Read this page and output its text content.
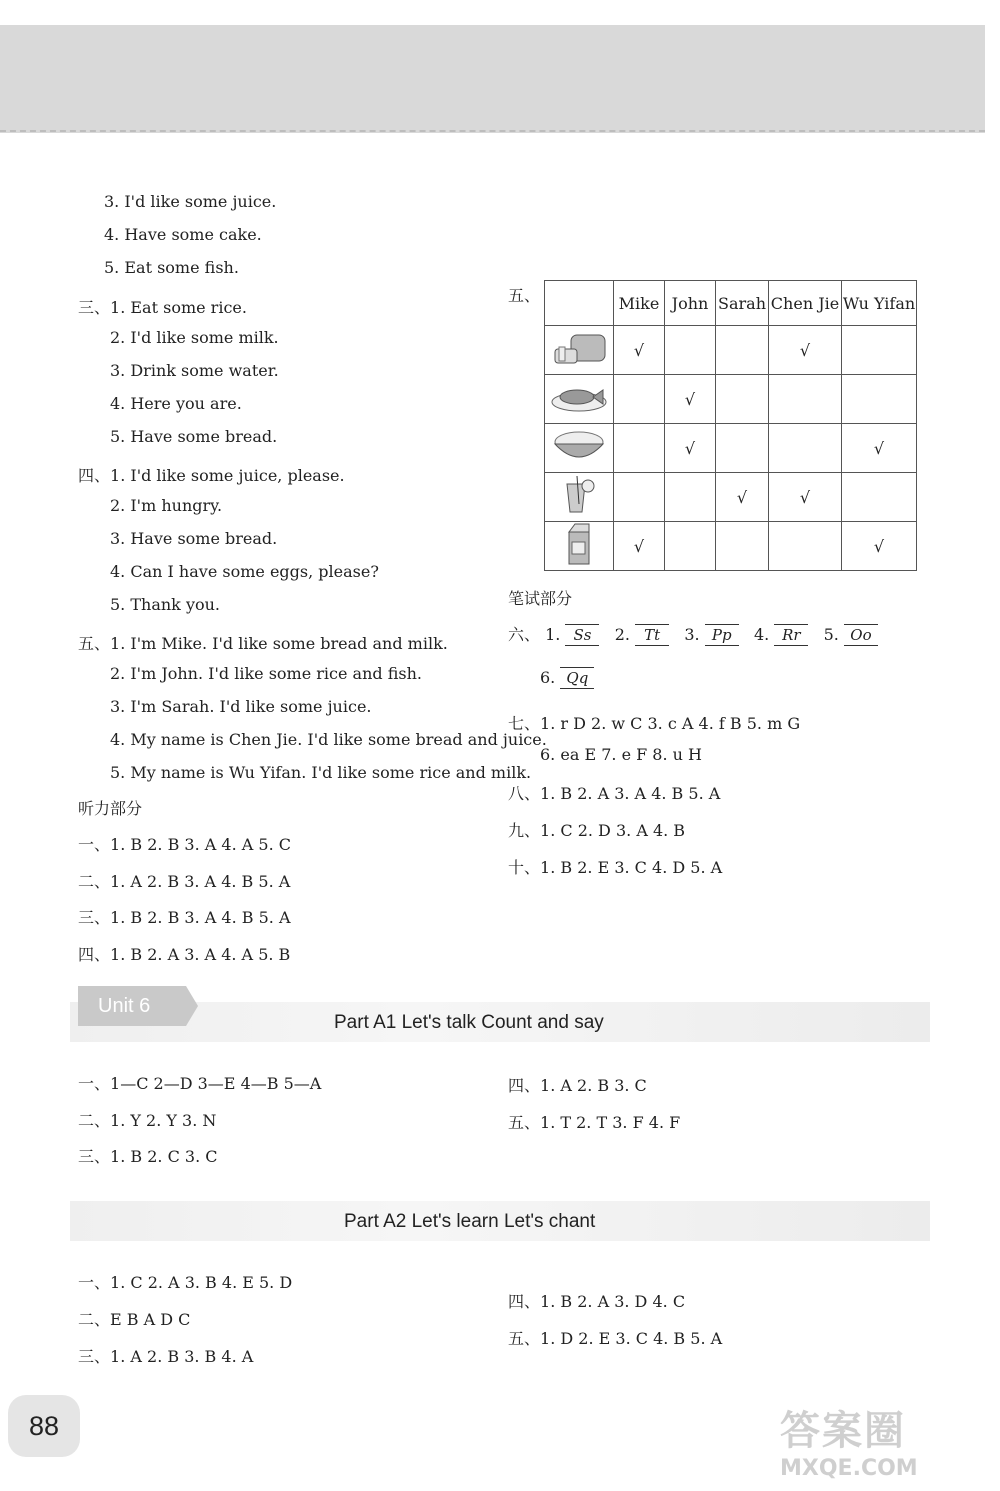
3. I'd like some juice.
4. Have some cake.
5. Eat some fish.
三、1. Eat some rice.
2. I'd like some milk.
3. Drink some water.
4. Here you are.
5. Have some bread.
四、1. I'd like some juice, please.
2. I'm hungry.
3. Have some bread.
4. Can I have some eggs, please?
5. Thank you.
五、1. I'm Mike. I'd like some bread and milk.
2. I'm John. I'd like some rice and fish.
3. I'm Sarah. I'd like some juice.
4. My name is Chen Jie. I'd like some bread and juice.
5. My name is Wu Yifan. I'd like some rice and milk.
听力部分
一、1. B 2. B 3. A 4. A 5. C
二、1. A 2. B 3. A 4. B 5. A
三、1. B 2. B 3. A 4. B 5. A
四、1. B 2. A 3. A 4. A 5. B
五、
		Mike	John	Sarah	Chen Jie	Wu Yifan
	√			√	
		√			
		√			√
			√	√	
	√				√
笔试部分
六、 1. Ss 2. Tt 3. Pp 4. Rr 5. Oo
6. Qq
七、1. r D 2. w C 3. c A 4. f B 5. m G
6. ea E 7. e F 8. u H
八、1. B 2. A 3. A 4. B 5. A
九、1. C 2. D 3. A 4. B
十、1. B 2. E 3. C 4. D 5. A
Unit 6
Part A1 Let's talk Count and say
一、1—C 2—D 3—E 4—B 5—A
二、1. Y 2. Y 3. N
三、1. B 2. C 3. C
四、1. A 2. B 3. C
五、1. T 2. T 3. F 4. F
Part A2 Let's learn Let's chant
一、1. C 2. A 3. B 4. E 5. D
二、E B A D C
三、1. A 2. B 3. B 4. A
四、1. B 2. A 3. D 4. C
五、1. D 2. E 3. C 4. B 5. A
88	答案圈
MXQE.COM
